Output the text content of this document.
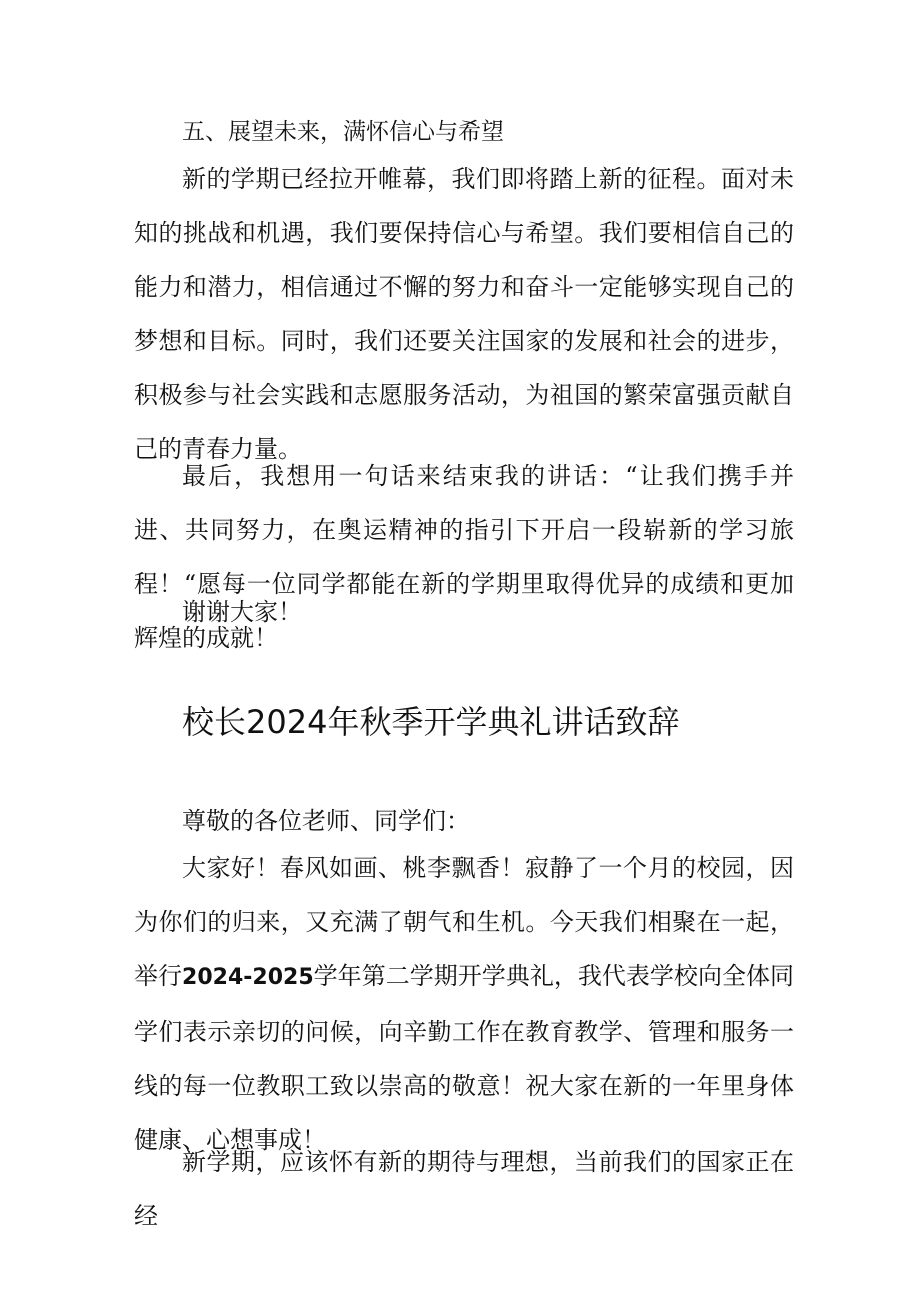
五、展望未来，满怀信心与希望

新的学期已经拉开帷幕，我们即将踏上新的征程。面对未知的挑战和机遇，我们要保持信心与希望。我们要相信自己的能力和潜力，相信通过不懈的努力和奋斗一定能够实现自己的梦想和目标。同时，我们还要关注国家的发展和社会的进步，积极参与社会实践和志愿服务活动，为祖国的繁荣富强贡献自己的青春力量。

最后，我想用一句话来结束我的讲话：“让我们携手并进、共同努力，在奥运精神的指引下开启一段崭新的学习旅程！“愿每一位同学都能在新的学期里取得优异的成绩和更加辉煌的成就！

谢谢大家！

校长2024年秋季开学典礼讲话致辞

尊敬的各位老师、同学们：

大家好！春风如画、桃李飘香！寂静了一个月的校园，因为你们的归来，又充满了朝气和生机。今天我们相聚在一起，举行2024-2025学年第二学期开学典礼，我代表学校向全体同学们表示亲切的问候，向辛勤工作在教育教学、管理和服务一线的每一位教职工致以崇高的敬意！祝大家在新的一年里身体健康、心想事成！

新学期，应该怀有新的期待与理想，当前我们的国家正在经
